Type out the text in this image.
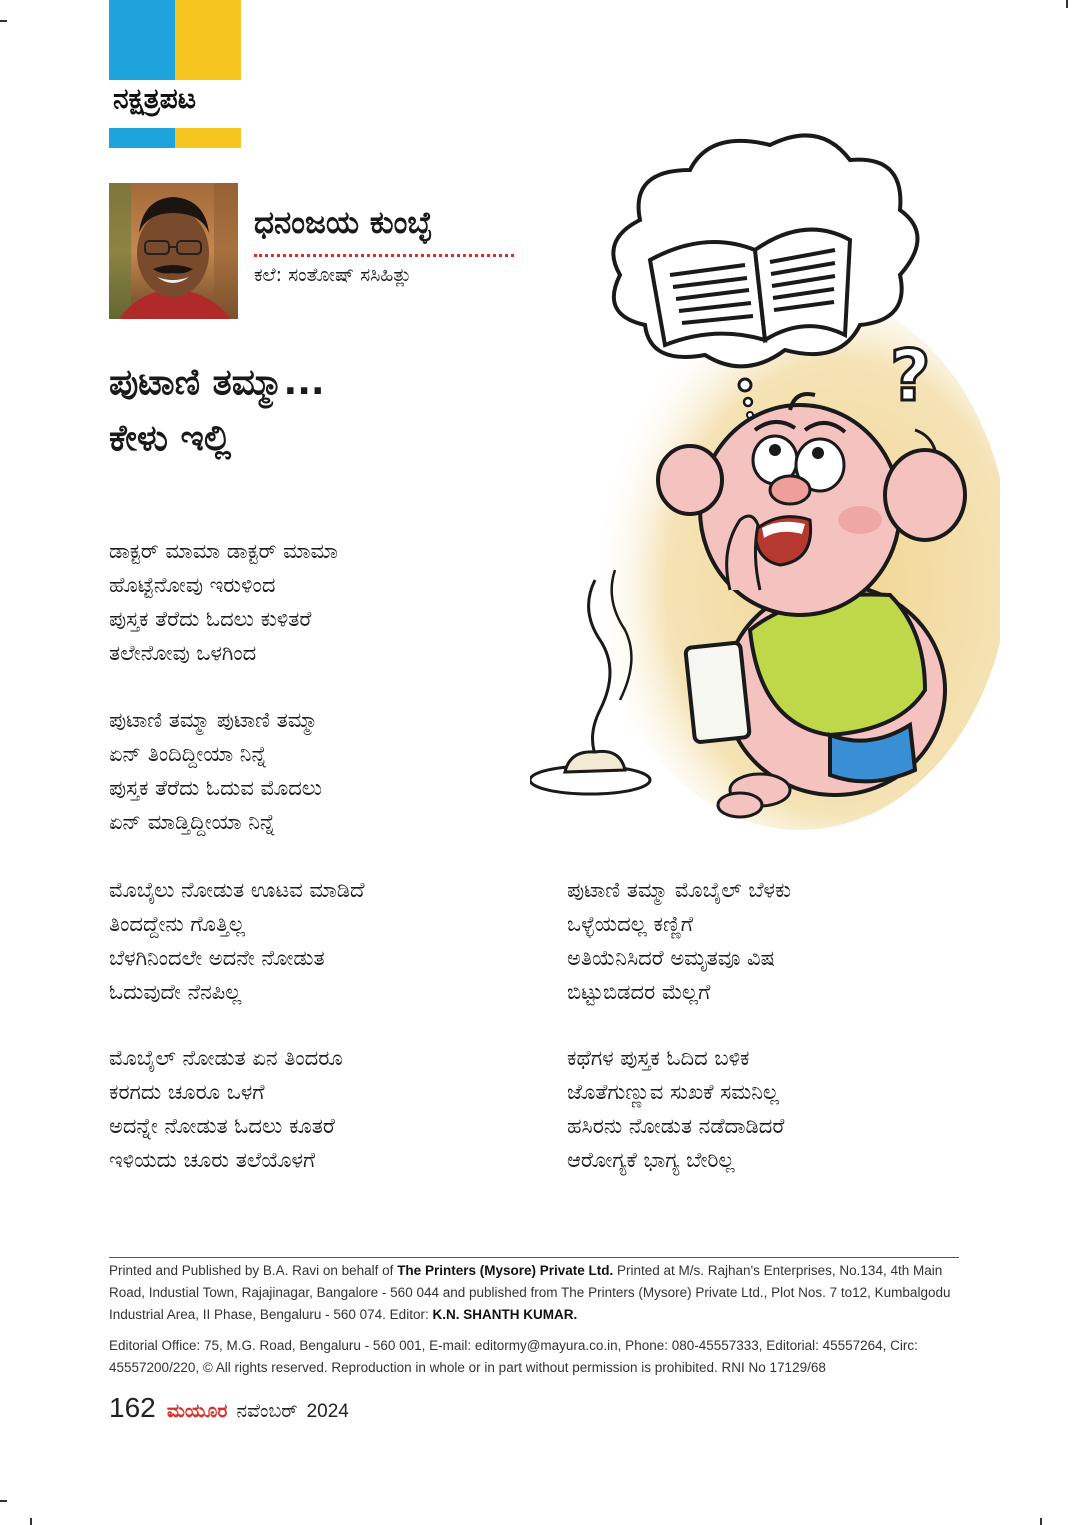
ನಕ್ಷತ್ರಪಟ
ಧನಂಜಯ ಕುಂಬ್ಳೆ
ಕಲೆ: ಸಂತೋಷ್ ಸಸಿಹಿತ್ಲು
ಪುಟಾಣಿ ತಮ್ಮಾ...
ಕೇಳು ಇಲ್ಲಿ
ಡಾಕ್ಟರ್ ಮಾಮಾ ಡಾಕ್ಟರ್ ಮಾಮಾ
ಹೊಟ್ಟೆನೋವು ಇರುಳಿಂದ
ಪುಸ್ತಕ ತೆರೆದು ಓದಲು ಕುಳಿತರೆ
ತಲೇನೋವು ಒಳಗಿಂದ
ಪುಟಾಣಿ ತಮ್ಮಾ ಪುಟಾಣಿ ತಮ್ಮಾ
ಏನ್ ತಿಂದಿದ್ದೀಯಾ ನಿನ್ನೆ
ಪುಸ್ತಕ ತೆರೆದು ಓದುವ ಮೊದಲು
ಏನ್ ಮಾಡ್ತಿದ್ದೀಯಾ ನಿನ್ನೆ
ಮೊಬೈಲು ನೋಡುತ ಊಟವ ಮಾಡಿದೆ
ತಿಂದದ್ದೇನು ಗೊತ್ತಿಲ್ಲ
ಬೆಳಗಿನಿಂದಲೇ ಅದನೇ ನೋಡುತ
ಓದುವುದೇ ನೆನಪಿಲ್ಲ
ಪುಟಾಣಿ ತಮ್ಮಾ ಮೊಬೈಲ್ ಬೆಳಕು
ಒಳ್ಳೆಯದಲ್ಲ ಕಣ್ಣಿಗೆ
ಅತಿಯೆನಿಸಿದರೆ ಅಮೃತವೂ ವಿಷ
ಬಿಟ್ಟುಬಿಡದರ ಮೆಲ್ಲಗೆ
ಮೊಬೈಲ್ ನೋಡುತ ಏನ ತಿಂದರೂ
ಕರಗದು ಚೂರೂ ಒಳಗೆ
ಅದನ್ನೇ ನೋಡುತ ಓದಲು ಕೂತರೆ
ಇಳಿಯದು ಚೂರು ತಲೆಯೊಳಗೆ
ಕಥೆಗಳ ಪುಸ್ತಕ ಓದಿದ ಬಳಿಕ
ಜೊತೆಗುಣ್ಣುವ ಸುಖಕೆ ಸಮನಿಲ್ಲ
ಹಸಿರನು ನೋಡುತ ನಡೆದಾಡಿದರೆ
ಆರೋಗ್ಯಕೆ ಭಾಗ್ಯ ಬೇರಿಲ್ಲ
?
Printed and Published by B.A. Ravi on behalf of The Printers (Mysore) Private Ltd. Printed at M/s. Rajhan's Enterprises, No.134, 4th Main Road, Industial Town, Rajajinagar, Bangalore - 560 044 and published from The Printers (Mysore) Private Ltd., Plot Nos. 7 to12, Kumbalgodu Industrial Area, II Phase, Bengaluru - 560 074. Editor: K.N. SHANTH KUMAR.
Editorial Office: 75, M.G. Road, Bengaluru - 560 001, E-mail: editormy@mayura.co.in, Phone: 080-45557333, Editorial: 45557264, Circ: 45557200/220, © All rights reserved. Reproduction in whole or in part without permission is prohibited. RNI No 17129/68
162 ಮಯೂರ ನವೆಂಬರ್ 2024
